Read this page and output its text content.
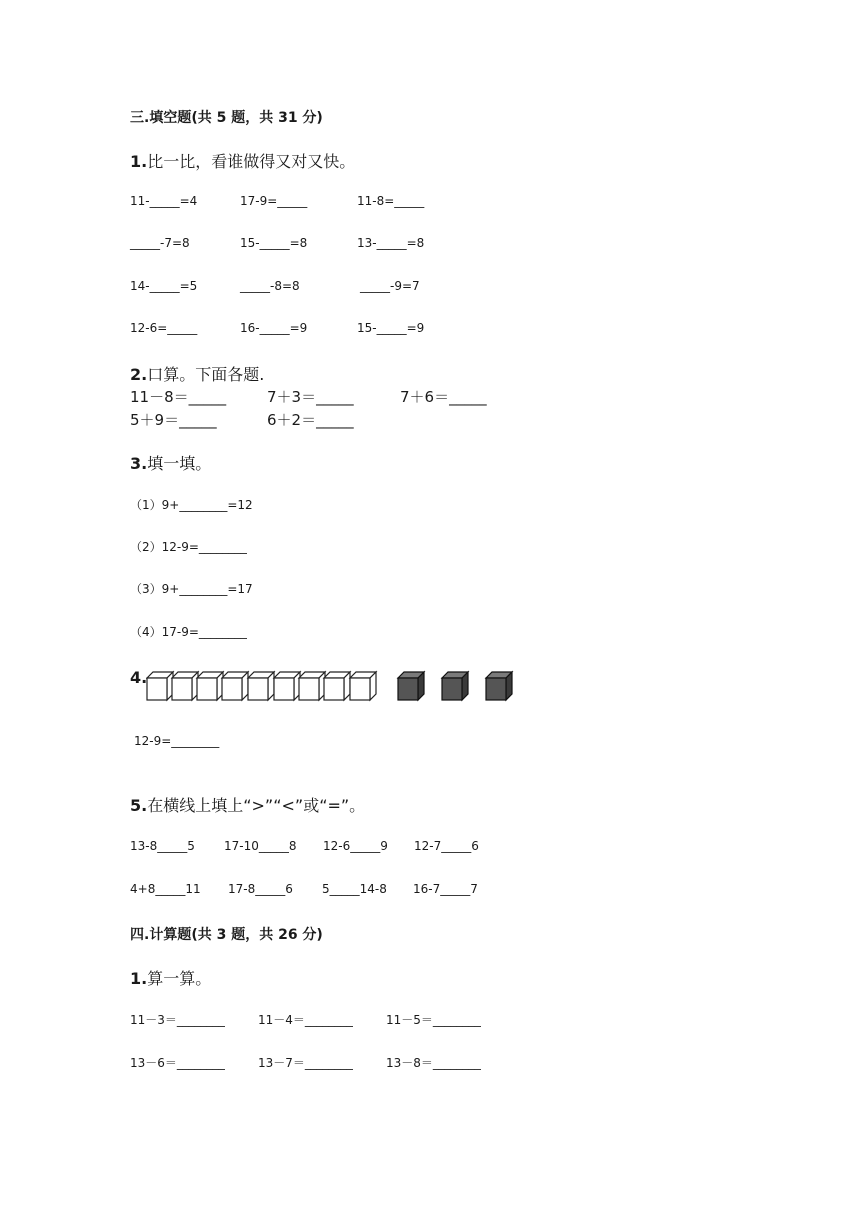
三.填空题(共 5 题，共 31 分)
1.比一比，看谁做得又对又快。
11-_____=4	17-9=_____	11-8=_____
_____-7=8	15-_____=8	13-_____=8
14-_____=5	_____-8=8	_____-9=7
12-6=_____	16-_____=9	15-_____=9
2.口算。下面各题.
11－8＝_____	7＋3＝_____	7＋6＝_____
5＋9＝_____	6＋2＝_____
3.填一填。
（1）9+________=12
（2）12-9=________
（3）9+________=17
（4）17-9=________
4.
12-9=________
5.在横线上填上“>”“<”或“=”。
13-8_____5 17-10_____8 12-6_____9 12-7_____6
4+8_____11 17-8_____6 5_____14-8 16-7_____7
四.计算题(共 3 题，共 26 分)
1.算一算。
11－3＝________	11－4＝________	11－5＝________
13－6＝________	13－7＝________	13－8＝________
